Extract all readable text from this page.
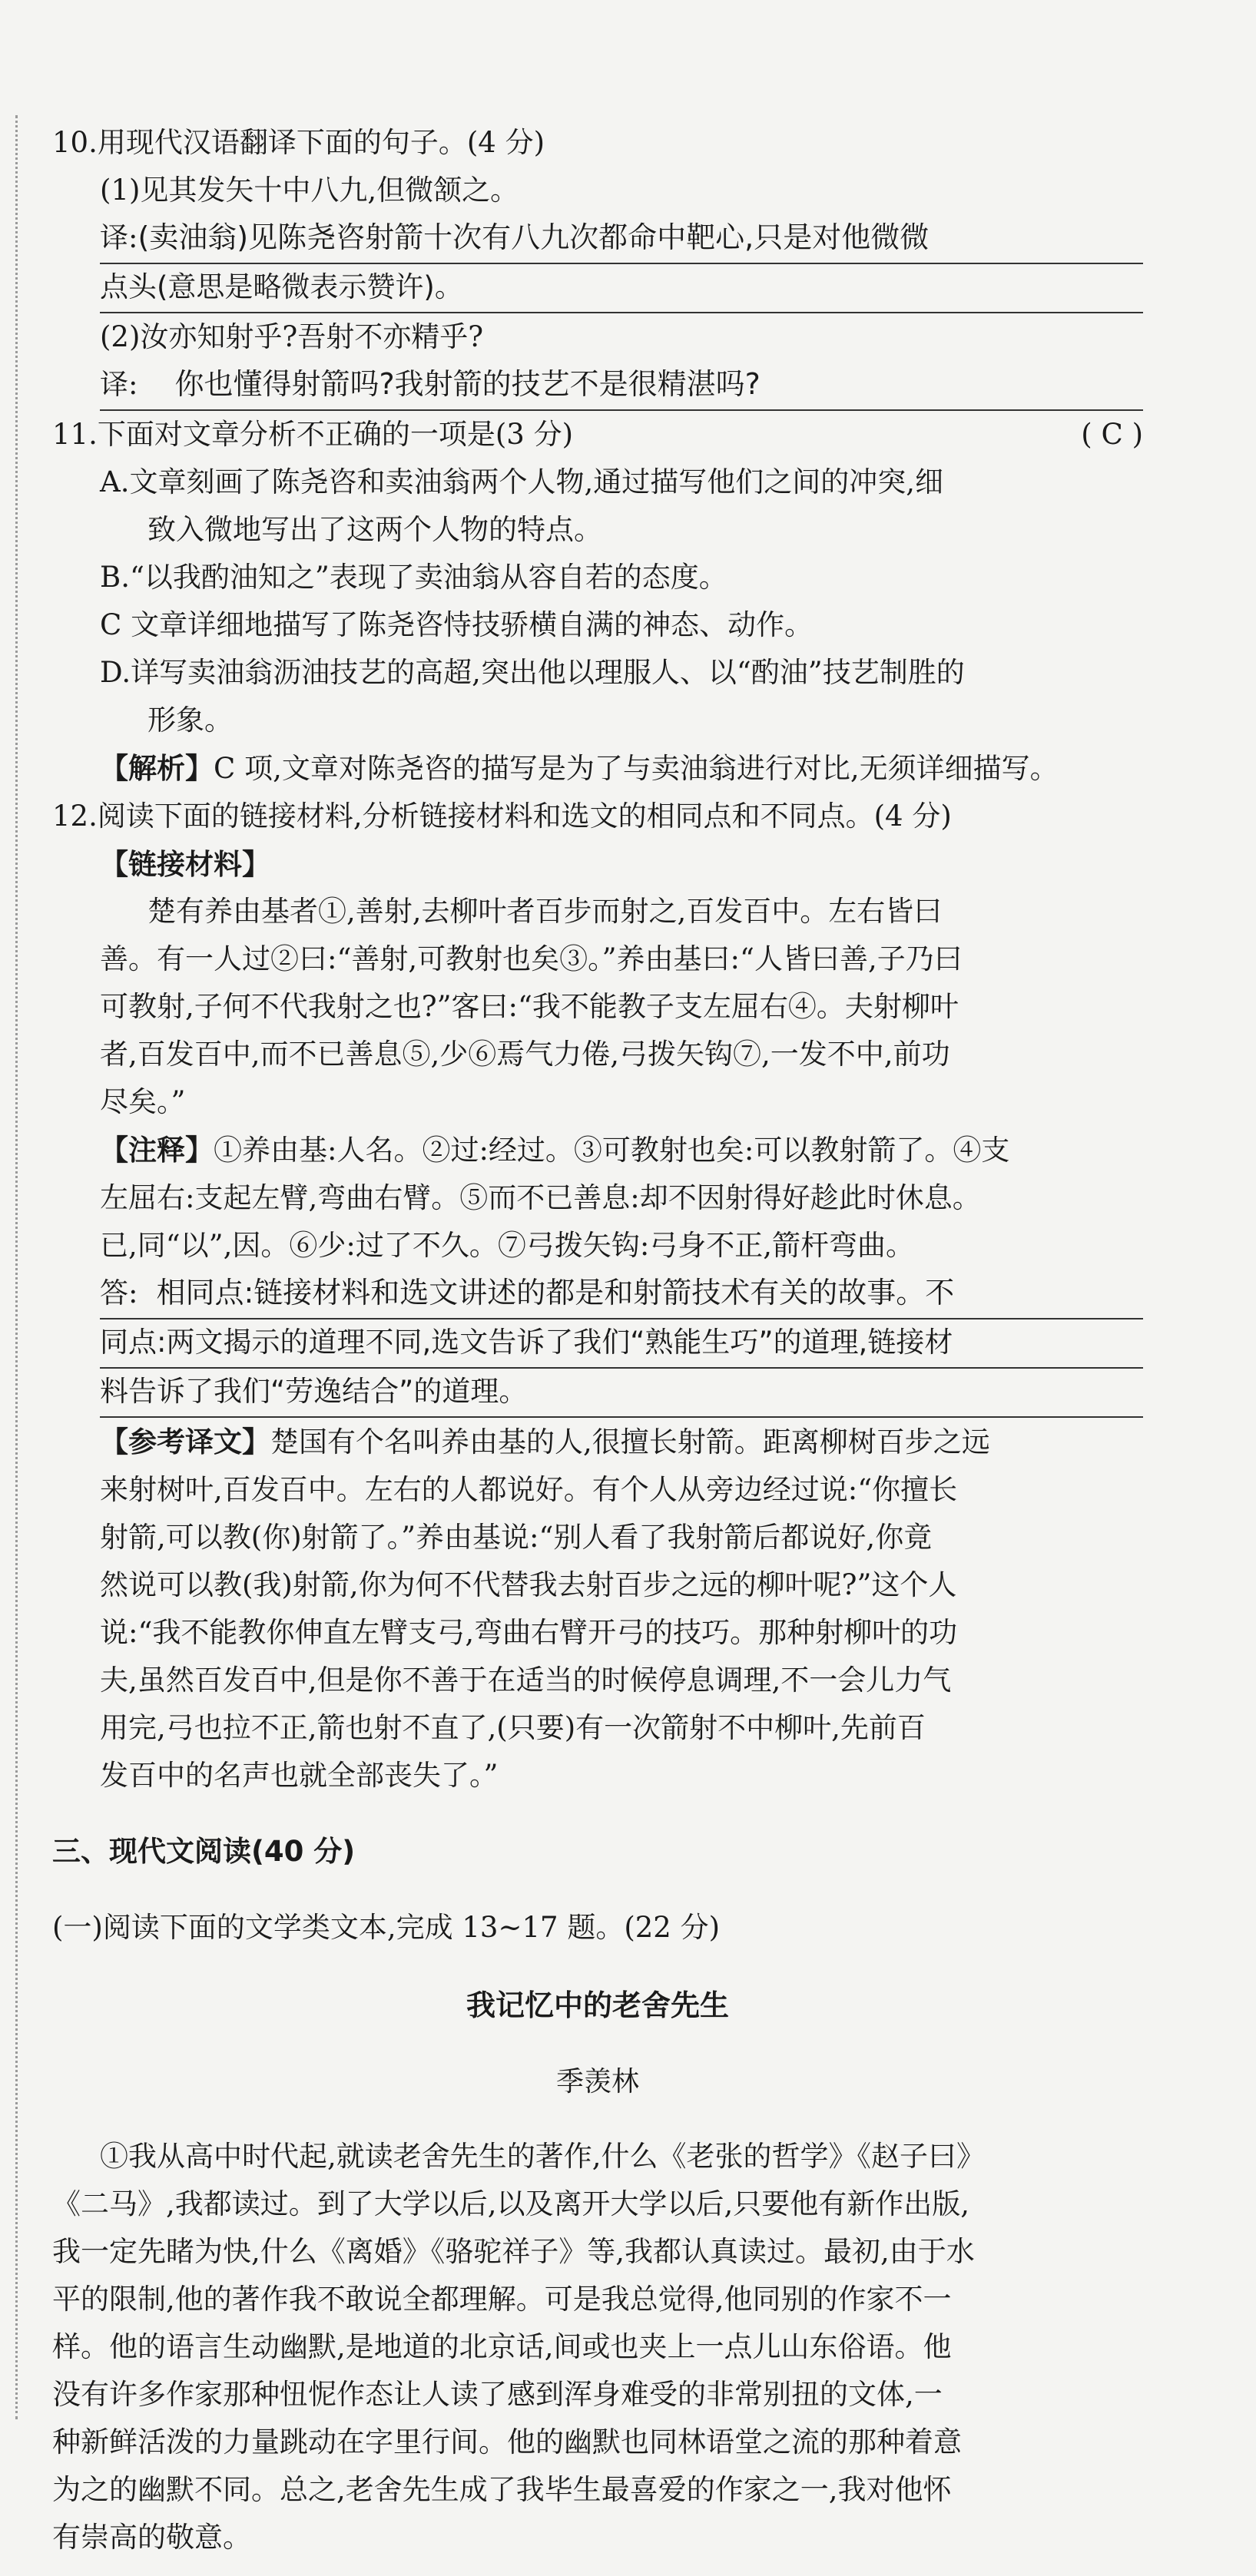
10.用现代汉语翻译下面的句子。(4 分)

(1)见其发矢十中八九,但微颔之。

译:(卖油翁)见陈尧咨射箭十次有八九次都命中靶心,只是对他微微
点头(意思是略微表示赞许)。

(2)汝亦知射乎?吾射不亦精乎?

译: 你也懂得射箭吗?我射箭的技艺不是很精湛吗?

11.下面对文章分析不正确的一项是(3 分)	( C )

A.文章刻画了陈尧咨和卖油翁两个人物,通过描写他们之间的冲突,细

致入微地写出了这两个人物的特点。

B.“以我酌油知之”表现了卖油翁从容自若的态度。

C 文章详细地描写了陈尧咨恃技骄横自满的神态、动作。

D.详写卖油翁沥油技艺的高超,突出他以理服人、以“酌油”技艺制胜的

形象。

【解析】C 项,文章对陈尧咨的描写是为了与卖油翁进行对比,无须详细描写。

12.阅读下面的链接材料,分析链接材料和选文的相同点和不同点。(4 分)

【链接材料】

楚有养由基者①,善射,去柳叶者百步而射之,百发百中。左右皆曰

善。有一人过②曰:“善射,可教射也矣③。”养由基曰:“人皆曰善,子乃曰

可教射,子何不代我射之也?”客曰:“我不能教子支左屈右④。夫射柳叶

者,百发百中,而不已善息⑤,少⑥焉气力倦,弓拨矢钩⑦,一发不中,前功

尽矣。”

【注释】①养由基:人名。②过:经过。③可教射也矣:可以教射箭了。④支

左屈右:支起左臂,弯曲右臂。⑤而不已善息:却不因射得好趁此时休息。

已,同“以”,因。⑥少:过了不久。⑦弓拨矢钩:弓身不正,箭杆弯曲。

答: 相同点:链接材料和选文讲述的都是和射箭技术有关的故事。不
同点:两文揭示的道理不同,选文告诉了我们“熟能生巧”的道理,链接材
料告诉了我们“劳逸结合”的道理。

【参考译文】楚国有个名叫养由基的人,很擅长射箭。距离柳树百步之远

来射树叶,百发百中。左右的人都说好。有个人从旁边经过说:“你擅长

射箭,可以教(你)射箭了。”养由基说:“别人看了我射箭后都说好,你竟

然说可以教(我)射箭,你为何不代替我去射百步之远的柳叶呢?”这个人

说:“我不能教你伸直左臂支弓,弯曲右臂开弓的技巧。那种射柳叶的功

夫,虽然百发百中,但是你不善于在适当的时候停息调理,不一会儿力气

用完,弓也拉不正,箭也射不直了,(只要)有一次箭射不中柳叶,先前百

发百中的名声也就全部丧失了。”

三、现代文阅读(40 分)

(一)阅读下面的文学类文本,完成 13~17 题。(22 分)

我记忆中的老舍先生

季羡林

①我从高中时代起,就读老舍先生的著作,什么《老张的哲学》《赵子曰》

《二马》,我都读过。到了大学以后,以及离开大学以后,只要他有新作出版,

我一定先睹为快,什么《离婚》《骆驼祥子》等,我都认真读过。最初,由于水

平的限制,他的著作我不敢说全都理解。可是我总觉得,他同别的作家不一

样。他的语言生动幽默,是地道的北京话,间或也夹上一点儿山东俗语。他

没有许多作家那种忸怩作态让人读了感到浑身难受的非常别扭的文体,一

种新鲜活泼的力量跳动在字里行间。他的幽默也同林语堂之流的那种着意

为之的幽默不同。总之,老舍先生成了我毕生最喜爱的作家之一,我对他怀

有崇高的敬意。
